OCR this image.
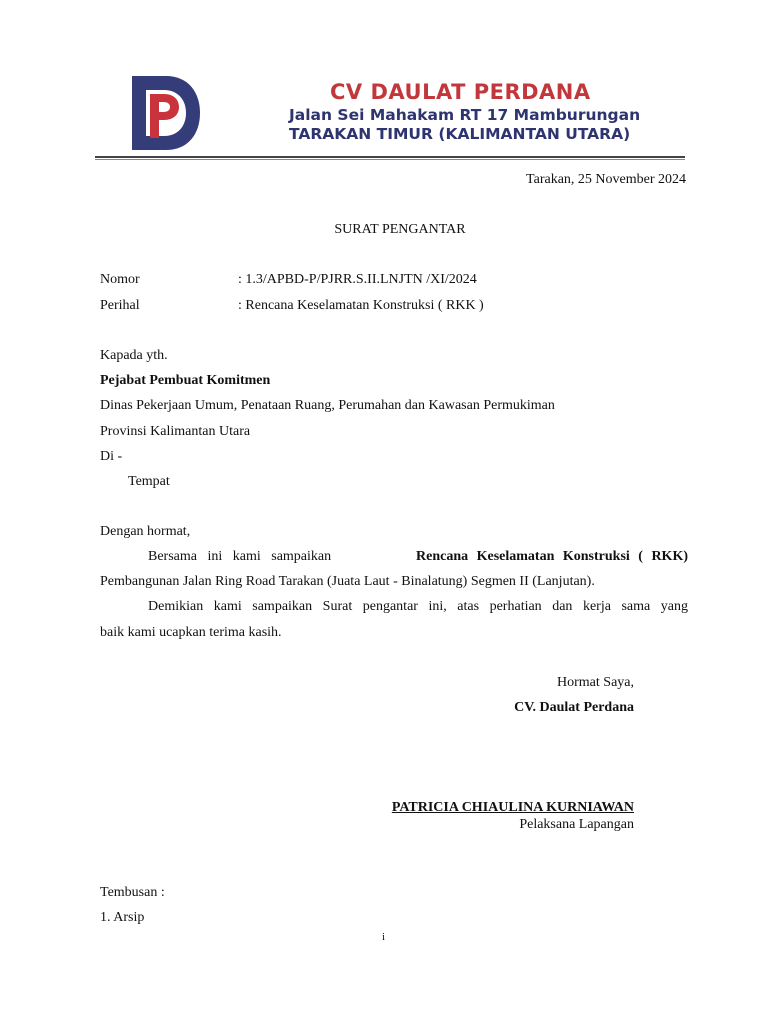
CV DAULAT PERDANA
Jalan Sei Mahakam RT 17 Mamburungan
TARAKAN TIMUR (KALIMANTAN UTARA)
Tarakan, 25 November 2024
SURAT PENGANTAR
Nomor	: 1.3/APBD-P/PJRR.S.II.LNJTN /XI/2024
Perihal	: Rencana Keselamatan Konstruksi ( RKK )
Kapada yth.
Pejabat Pembuat Komitmen
Dinas Pekerjaan Umum, Penataan Ruang, Perumahan dan Kawasan Permukiman
Provinsi Kalimantan Utara
Di -
Tempat
Dengan hormat,
Bersama ini kami sampaikan	Rencana Keselamatan Konstruksi ( RKK)
Pembangunan Jalan Ring Road Tarakan (Juata Laut - Binalatung) Segmen II (Lanjutan).
Demikian kami sampaikan Surat pengantar ini, atas perhatian dan kerja sama yang
baik kami ucapkan terima kasih.
Hormat Saya,
CV. Daulat Perdana
PATRICIA CHIAULINA KURNIAWAN
Pelaksana Lapangan
Tembusan :
1. Arsip
i
